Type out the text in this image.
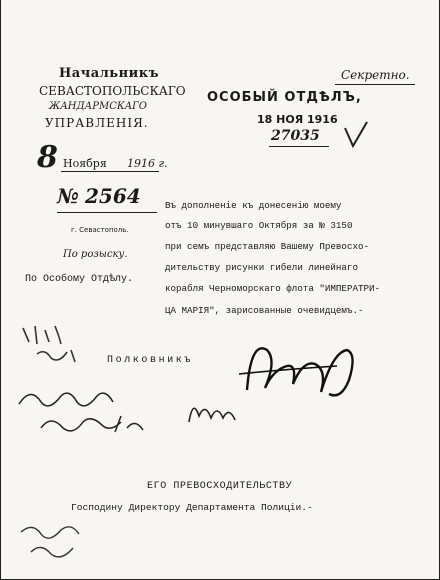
Начальникъ
СЕВАСТОПОЛЬСКАГО
ЖАНДАРМСКАГО
УПРАВЛЕНІЯ.
Секретно.
ОСОБЫЙ ОТДѢЛЪ,
18 НОЯ 1916
27035
8 Ноября 1916 г.
№ 2564
г. Севастополь.
По розыску.
По Особому Отдѣлу.
Въ дополненіе къ донесенію моему
отъ 10 минувшаго Октября за № 3150
при семъ представляю Вашему Превосхо-
дительству рисунки гибели линейнаго
корабля Черноморскаго флота "ИМПЕРАТРИ-
ЦА МАРІЯ", зарисованные очевидцемъ.-
Полковникъ
ЕГО ПРЕВОСХОДИТЕЛЬСТВУ
Господину Директору Департамента Полиціи.-
